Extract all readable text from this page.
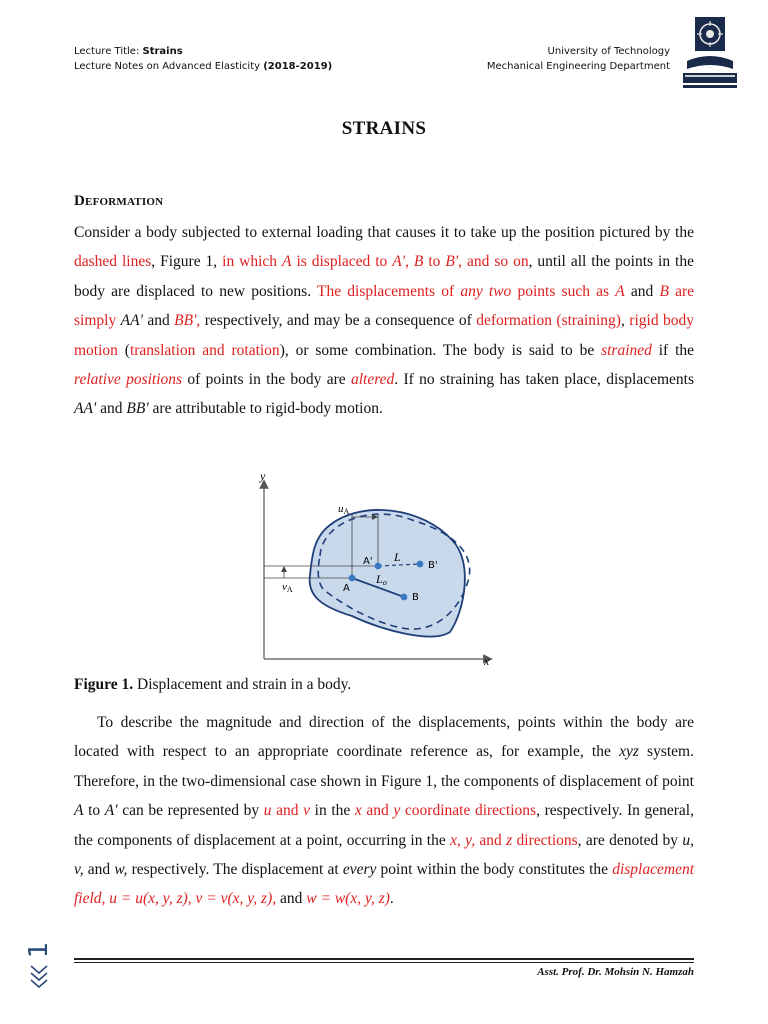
Lecture Title: Strains
Lecture Notes on Advanced Elasticity (2018-2019)
University of Technology
Mechanical Engineering Department
STRAINS
Deformation
Consider a body subjected to external loading that causes it to take up the position pictured by the dashed lines, Figure 1, in which A is displaced to A', B to B', and so on, until all the points in the body are displaced to new positions. The displacements of any two points such as A and B are simply AA' and BB', respectively, and may be a consequence of deformation (straining), rigid body motion (translation and rotation), or some combination. The body is said to be strained if the relative positions of points in the body are altered. If no straining has taken place, displacements AA' and BB' are attributable to rigid-body motion.
y
x
uA
vA
A'	B'
A
B
L
Lo
Figure 1. Displacement and strain in a body.
To describe the magnitude and direction of the displacements, points within the body are located with respect to an appropriate coordinate reference as, for example, the xyz system. Therefore, in the two-dimensional case shown in Figure 1, the components of displacement of point A to A' can be represented by u and v in the x and y coordinate directions, respectively. In general, the components of displacement at a point, occurring in the x, y, and z directions, are denoted by u, v, and w, respectively. The displacement at every point within the body constitutes the displacement field, u = u(x, y, z), v = v(x, y, z), and w = w(x, y, z).
1
Asst. Prof. Dr. Mohsin N. Hamzah
